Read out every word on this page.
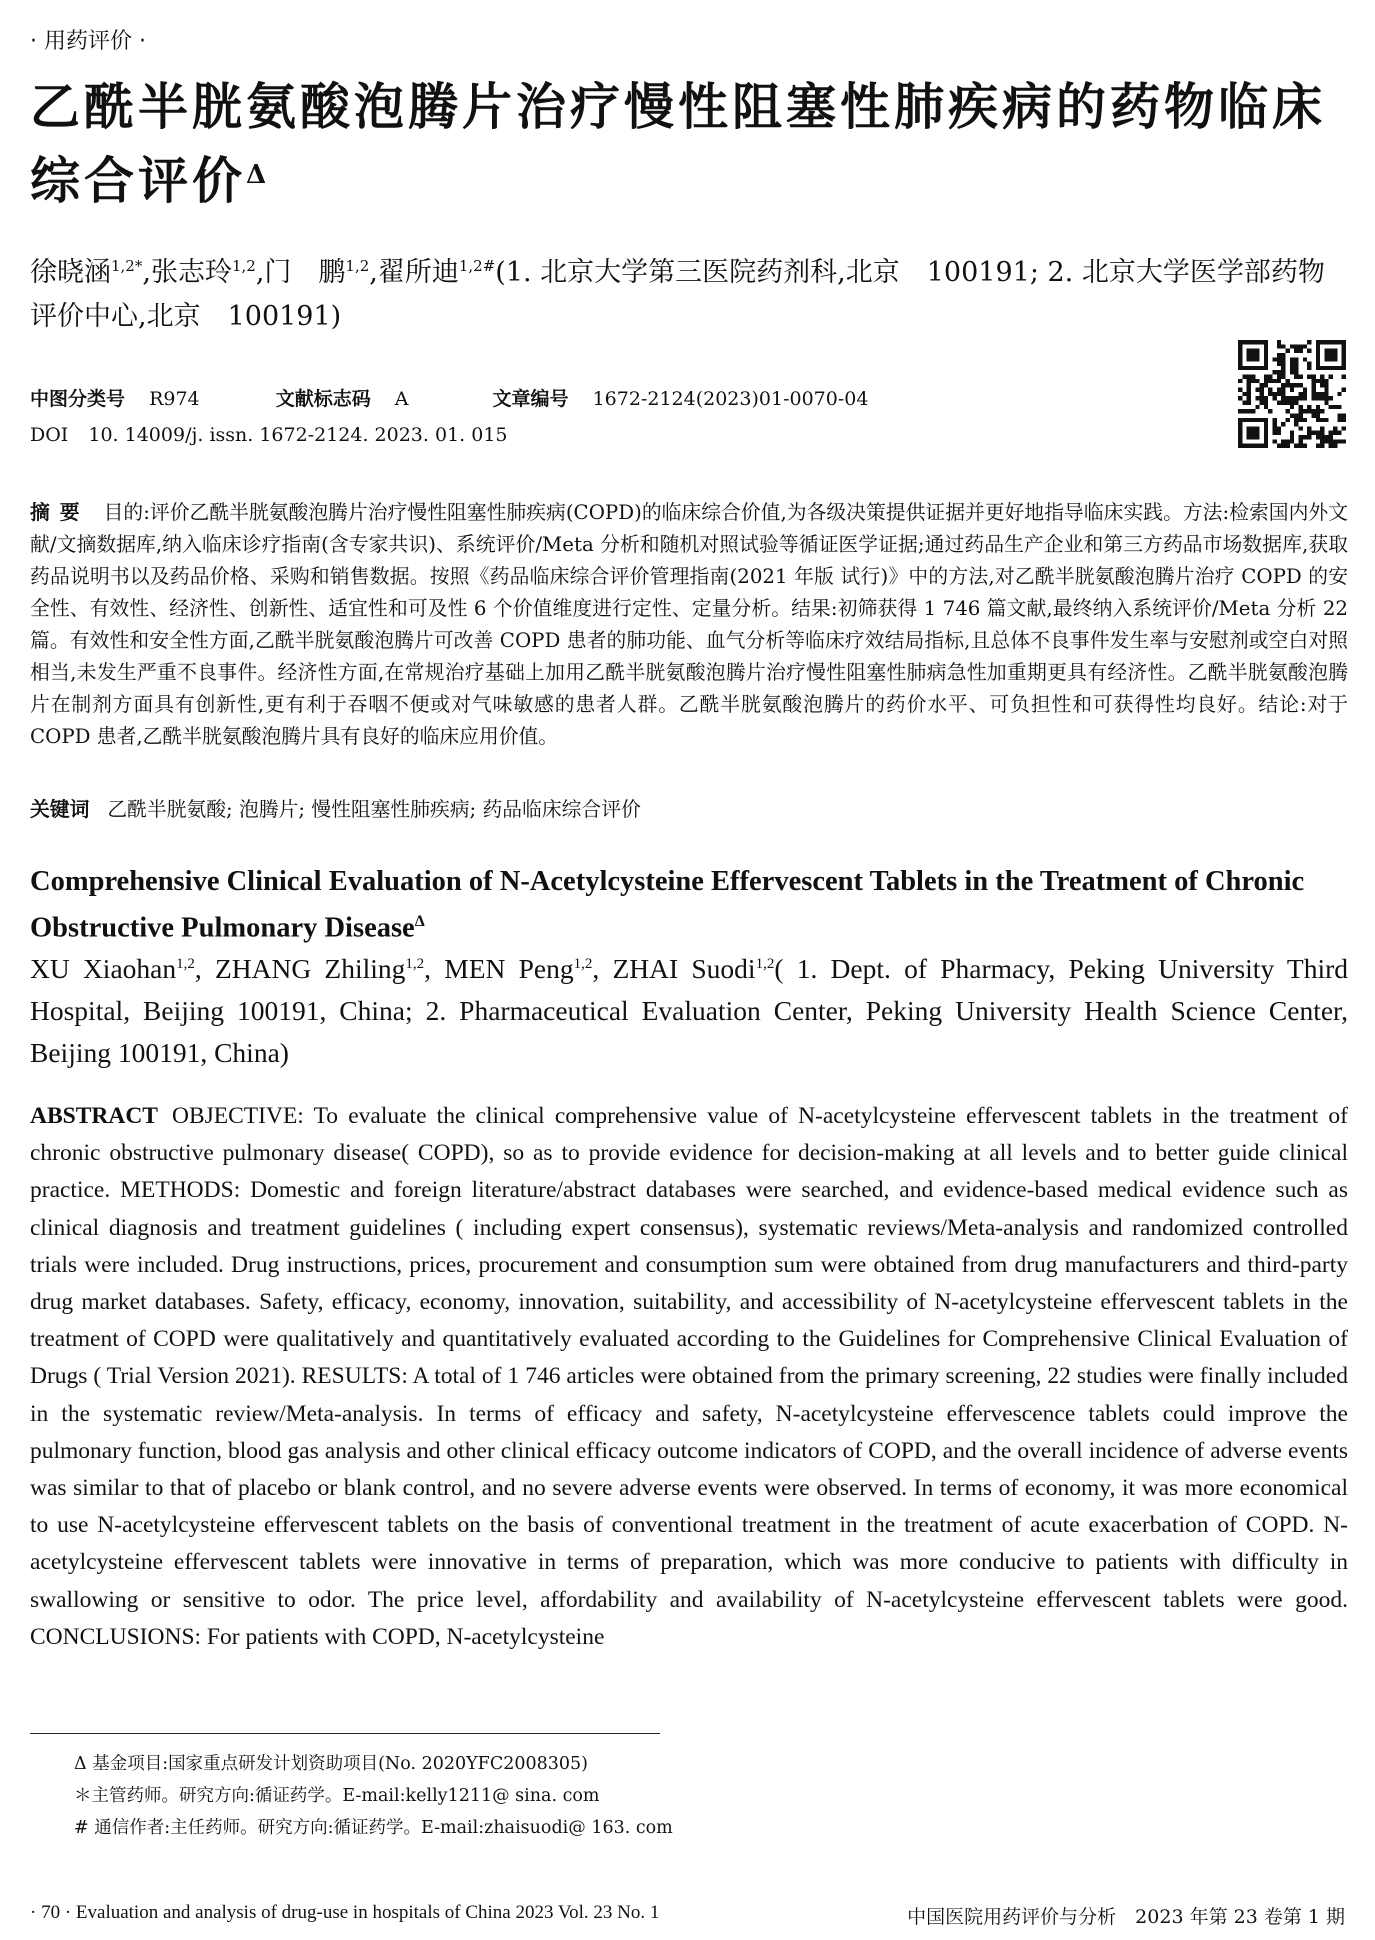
· 用药评价 ·
乙酰半胱氨酸泡腾片治疗慢性阻塞性肺疾病的药物临床综合评价$^\Delta$
徐晓涵$^{1,2*}$,张志玲$^{1,2}$,门　鹏$^{1,2}$,翟所迪$^{1,2\#}$(1. 北京大学第三医院药剂科,北京　100191; 2. 北京大学医学部药物评价中心,北京　100191)
中图分类号 R974	文献标志码 A	文章编号 1672-2124(2023)01-0070-04
DOI 10. 14009/j. issn. 1672-2124. 2023. 01. 015
摘要 目的:评价乙酰半胱氨酸泡腾片治疗慢性阻塞性肺疾病(COPD)的临床综合价值,为各级决策提供证据并更好地指导临床实践。方法:检索国内外文献/文摘数据库,纳入临床诊疗指南(含专家共识)、系统评价/Meta 分析和随机对照试验等循证医学证据;通过药品生产企业和第三方药品市场数据库,获取药品说明书以及药品价格、采购和销售数据。按照《药品临床综合评价管理指南(2021 年版 试行)》中的方法,对乙酰半胱氨酸泡腾片治疗 COPD 的安全性、有效性、经济性、创新性、适宜性和可及性 6 个价值维度进行定性、定量分析。结果:初筛获得 1 746 篇文献,最终纳入系统评价/Meta 分析 22 篇。有效性和安全性方面,乙酰半胱氨酸泡腾片可改善 COPD 患者的肺功能、血气分析等临床疗效结局指标,且总体不良事件发生率与安慰剂或空白对照相当,未发生严重不良事件。经济性方面,在常规治疗基础上加用乙酰半胱氨酸泡腾片治疗慢性阻塞性肺病急性加重期更具有经济性。乙酰半胱氨酸泡腾片在制剂方面具有创新性,更有利于吞咽不便或对气味敏感的患者人群。乙酰半胱氨酸泡腾片的药价水平、可负担性和可获得性均良好。结论:对于 COPD 患者,乙酰半胱氨酸泡腾片具有良好的临床应用价值。
关键词 乙酰半胱氨酸; 泡腾片; 慢性阻塞性肺疾病; 药品临床综合评价
Comprehensive Clinical Evaluation of N-Acetylcysteine Effervescent Tablets in the Treatment of Chronic Obstructive Pulmonary Disease$^\Delta$
XU Xiaohan$^{1,2}$, ZHANG Zhiling$^{1,2}$, MEN Peng$^{1,2}$, ZHAI Suodi$^{1,2}$( 1. Dept. of Pharmacy, Peking University Third Hospital, Beijing 100191, China; 2. Pharmaceutical Evaluation Center, Peking University Health Science Center, Beijing 100191, China)
ABSTRACT OBJECTIVE: To evaluate the clinical comprehensive value of N-acetylcysteine effervescent tablets in the treatment of chronic obstructive pulmonary disease( COPD), so as to provide evidence for decision-making at all levels and to better guide clinical practice. METHODS: Domestic and foreign literature/abstract databases were searched, and evidence-based medical evidence such as clinical diagnosis and treatment guidelines ( including expert consensus), systematic reviews/Meta-analysis and randomized controlled trials were included. Drug instructions, prices, procurement and consumption sum were obtained from drug manufacturers and third-party drug market databases. Safety, efficacy, economy, innovation, suitability, and accessibility of N-acetylcysteine effervescent tablets in the treatment of COPD were qualitatively and quantitatively evaluated according to the Guidelines for Comprehensive Clinical Evaluation of Drugs ( Trial Version 2021). RESULTS: A total of 1 746 articles were obtained from the primary screening, 22 studies were finally included in the systematic review/Meta-analysis. In terms of efficacy and safety, N-acetylcysteine effervescence tablets could improve the pulmonary function, blood gas analysis and other clinical efficacy outcome indicators of COPD, and the overall incidence of adverse events was similar to that of placebo or blank control, and no severe adverse events were observed. In terms of economy, it was more economical to use N-acetylcysteine effervescent tablets on the basis of conventional treatment in the treatment of acute exacerbation of COPD. N-acetylcysteine effervescent tablets were innovative in terms of preparation, which was more conducive to patients with difficulty in swallowing or sensitive to odor. The price level, affordability and availability of N-acetylcysteine effervescent tablets were good. CONCLUSIONS: For patients with COPD, N-acetylcysteine
Δ 基金项目:国家重点研发计划资助项目(No. 2020YFC2008305)
＊主管药师。研究方向:循证药学。E-mail:kelly1211@ sina. com
# 通信作者:主任药师。研究方向:循证药学。E-mail:zhaisuodi@ 163. com
· 70 · Evaluation and analysis of drug-use in hospitals of China 2023 Vol. 23 No. 1	中国医院用药评价与分析　2023 年第 23 卷第 1 期
